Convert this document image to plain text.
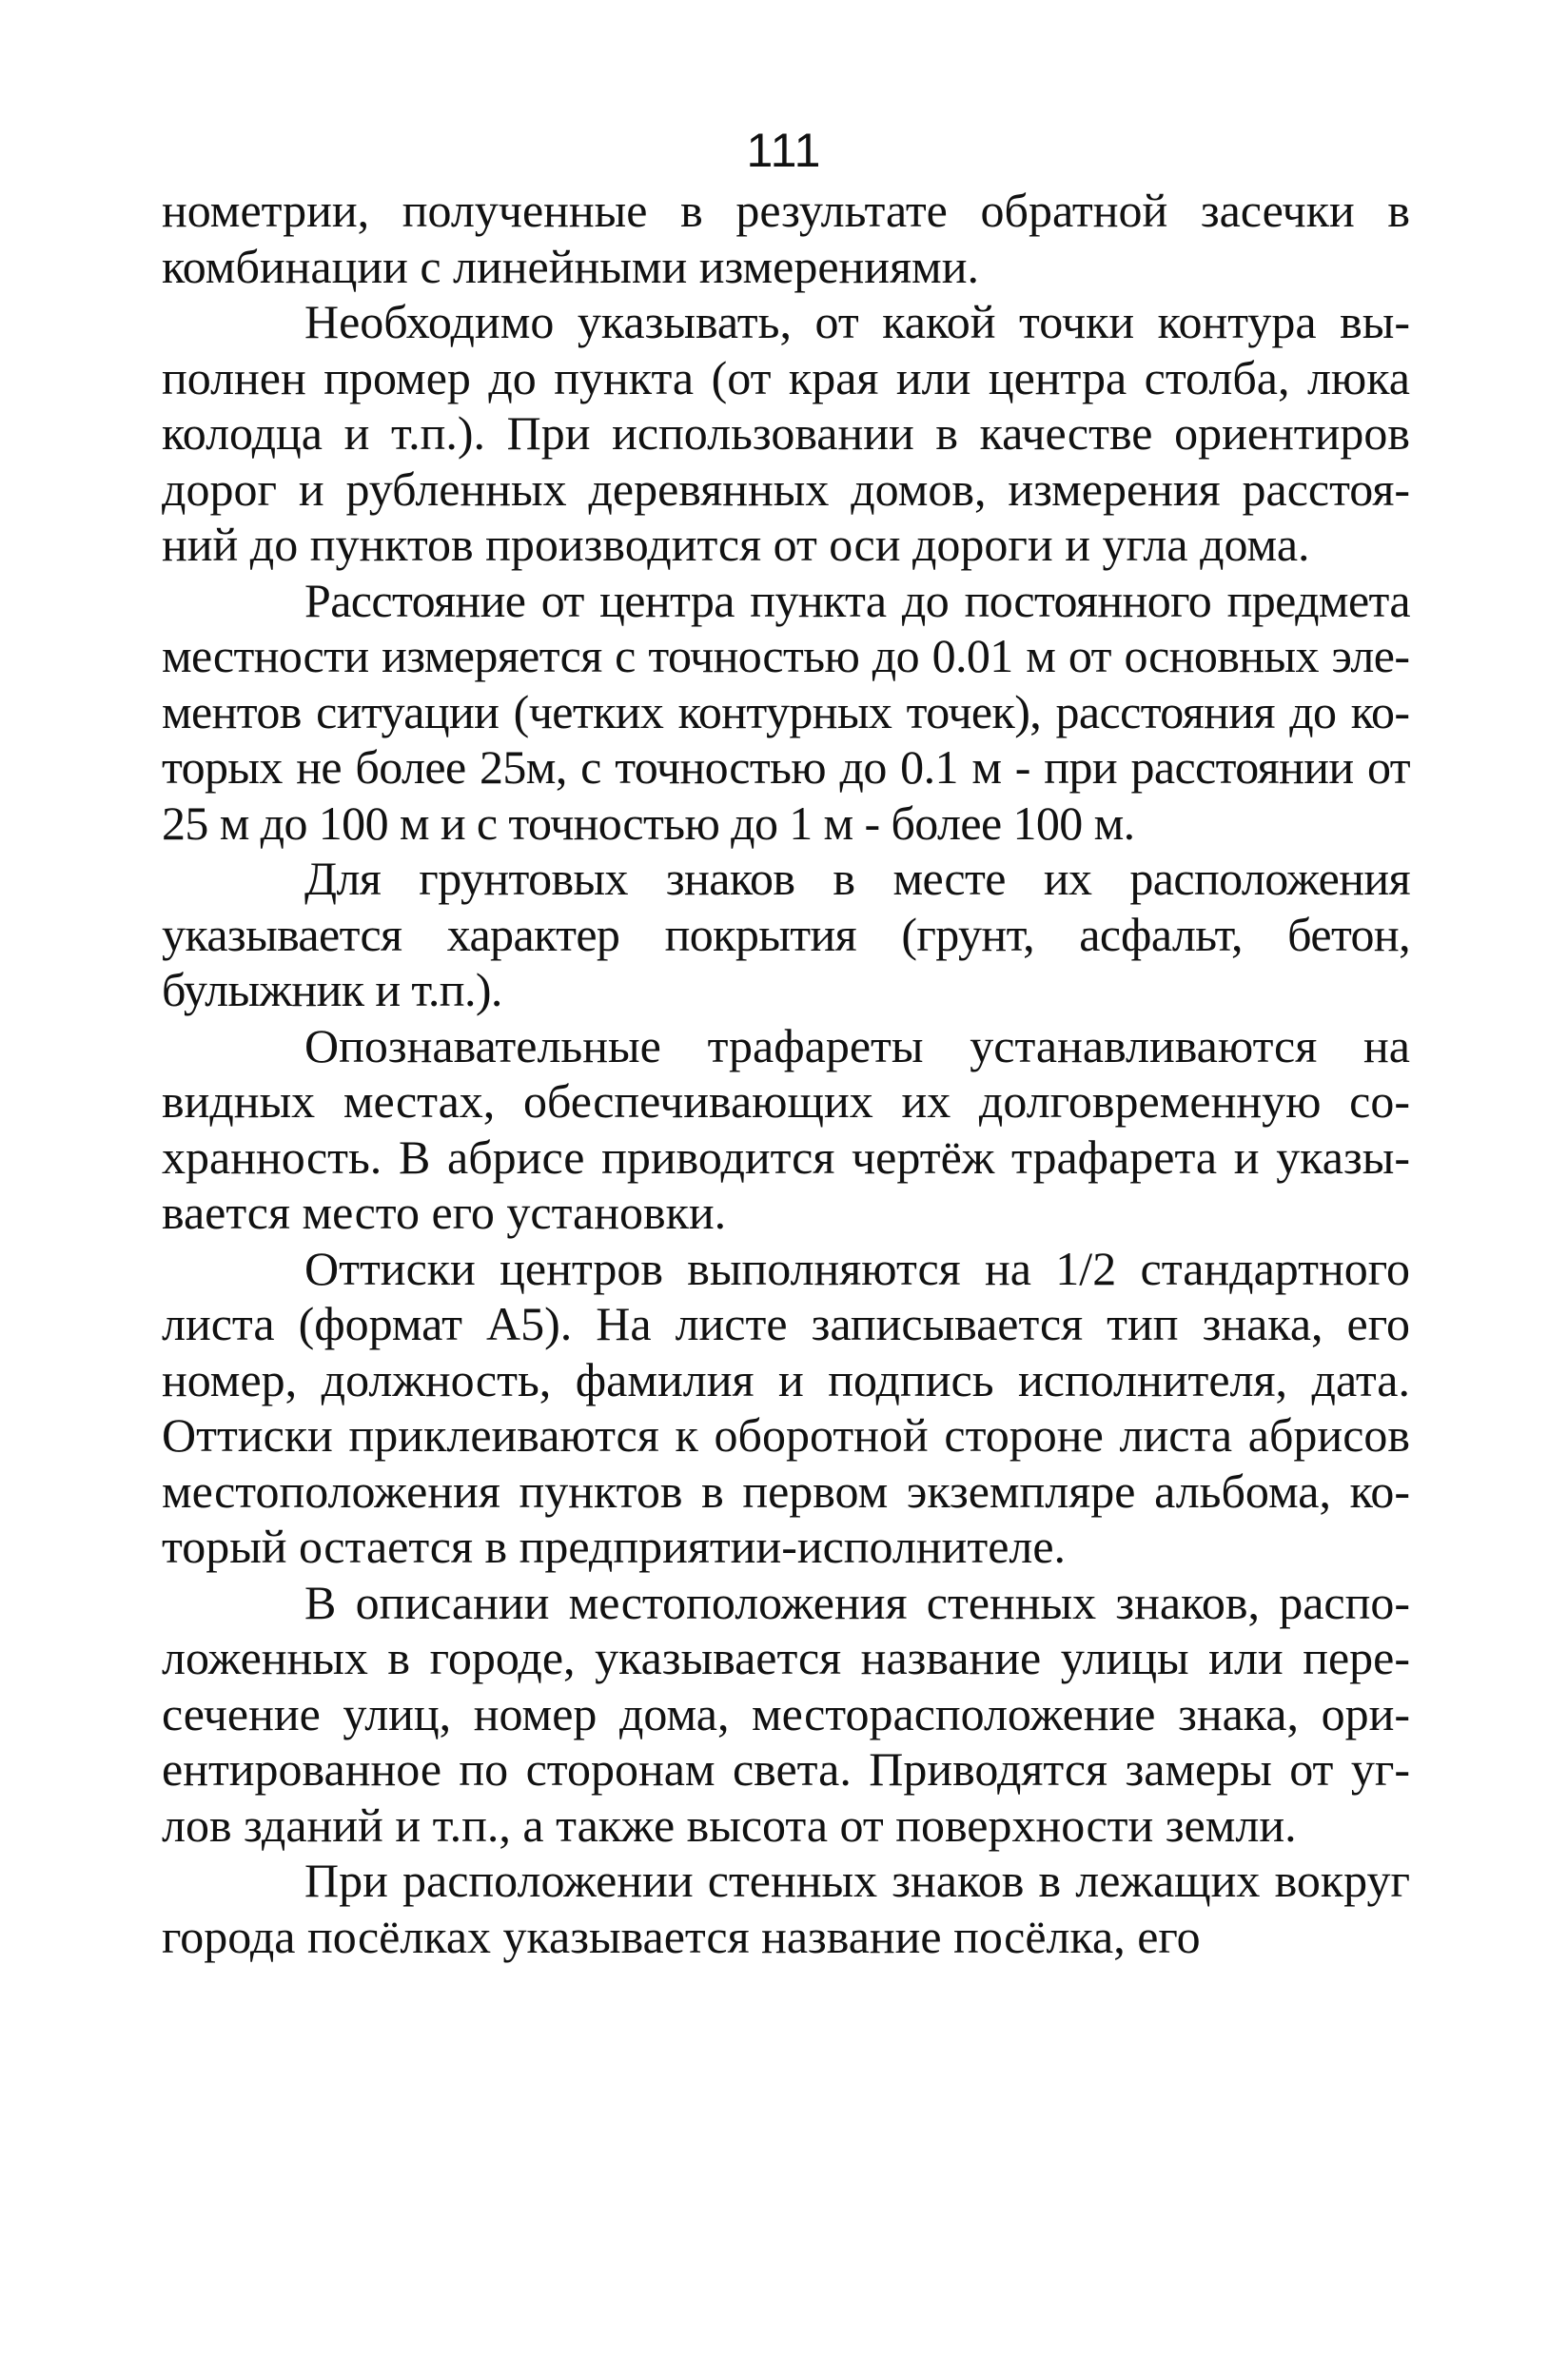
111

нометрии, полученные в результате обратной засечки в комбинации с линейными измерениями.

Необходимо указывать, от какой точки контура выполнен промер до пункта (от края или центра столба, люка колодца и т.п.). При использовании в качестве ориентиров дорог и рубленных деревянных домов, измерения расстояний до пунктов производится от оси дороги и угла дома.

Расстояние от центра пункта до постоянного предмета местности измеряется с точностью до 0.01 м от основных элементов ситуации (четких контурных точек), расстояния до которых не более 25м, с точностью до 0.1 м - при расстоянии от 25 м до 100 м и с точностью до 1 м - более 100 м.

Для грунтовых знаков в месте их расположения указывается характер покрытия (грунт, асфальт, бетон, булыжник и т.п.).

Опознавательные трафареты устанавливаются на видных местах, обеспечивающих их долговременную сохранность. В абрисе приводится чертёж трафарета и указывается место его установки.

Оттиски центров выполняются на 1/2 стандартного листа (формат А5). На листе записывается тип знака, его номер, должность, фамилия и подпись исполнителя, дата. Оттиски приклеиваются к оборотной стороне листа абрисов местоположения пунктов в первом экземпляре альбома, который остается в предприятии-исполнителе.

В описании местоположения стенных знаков, расположенных в городе, указывается название улицы или пересечение улиц, номер дома, месторасположение знака, ориентированное по сторонам света. Приводятся замеры от углов зданий и т.п., а также высота от поверхности земли.

При расположении стенных знаков в лежащих вокруг города посёлках указывается название посёлка, его
